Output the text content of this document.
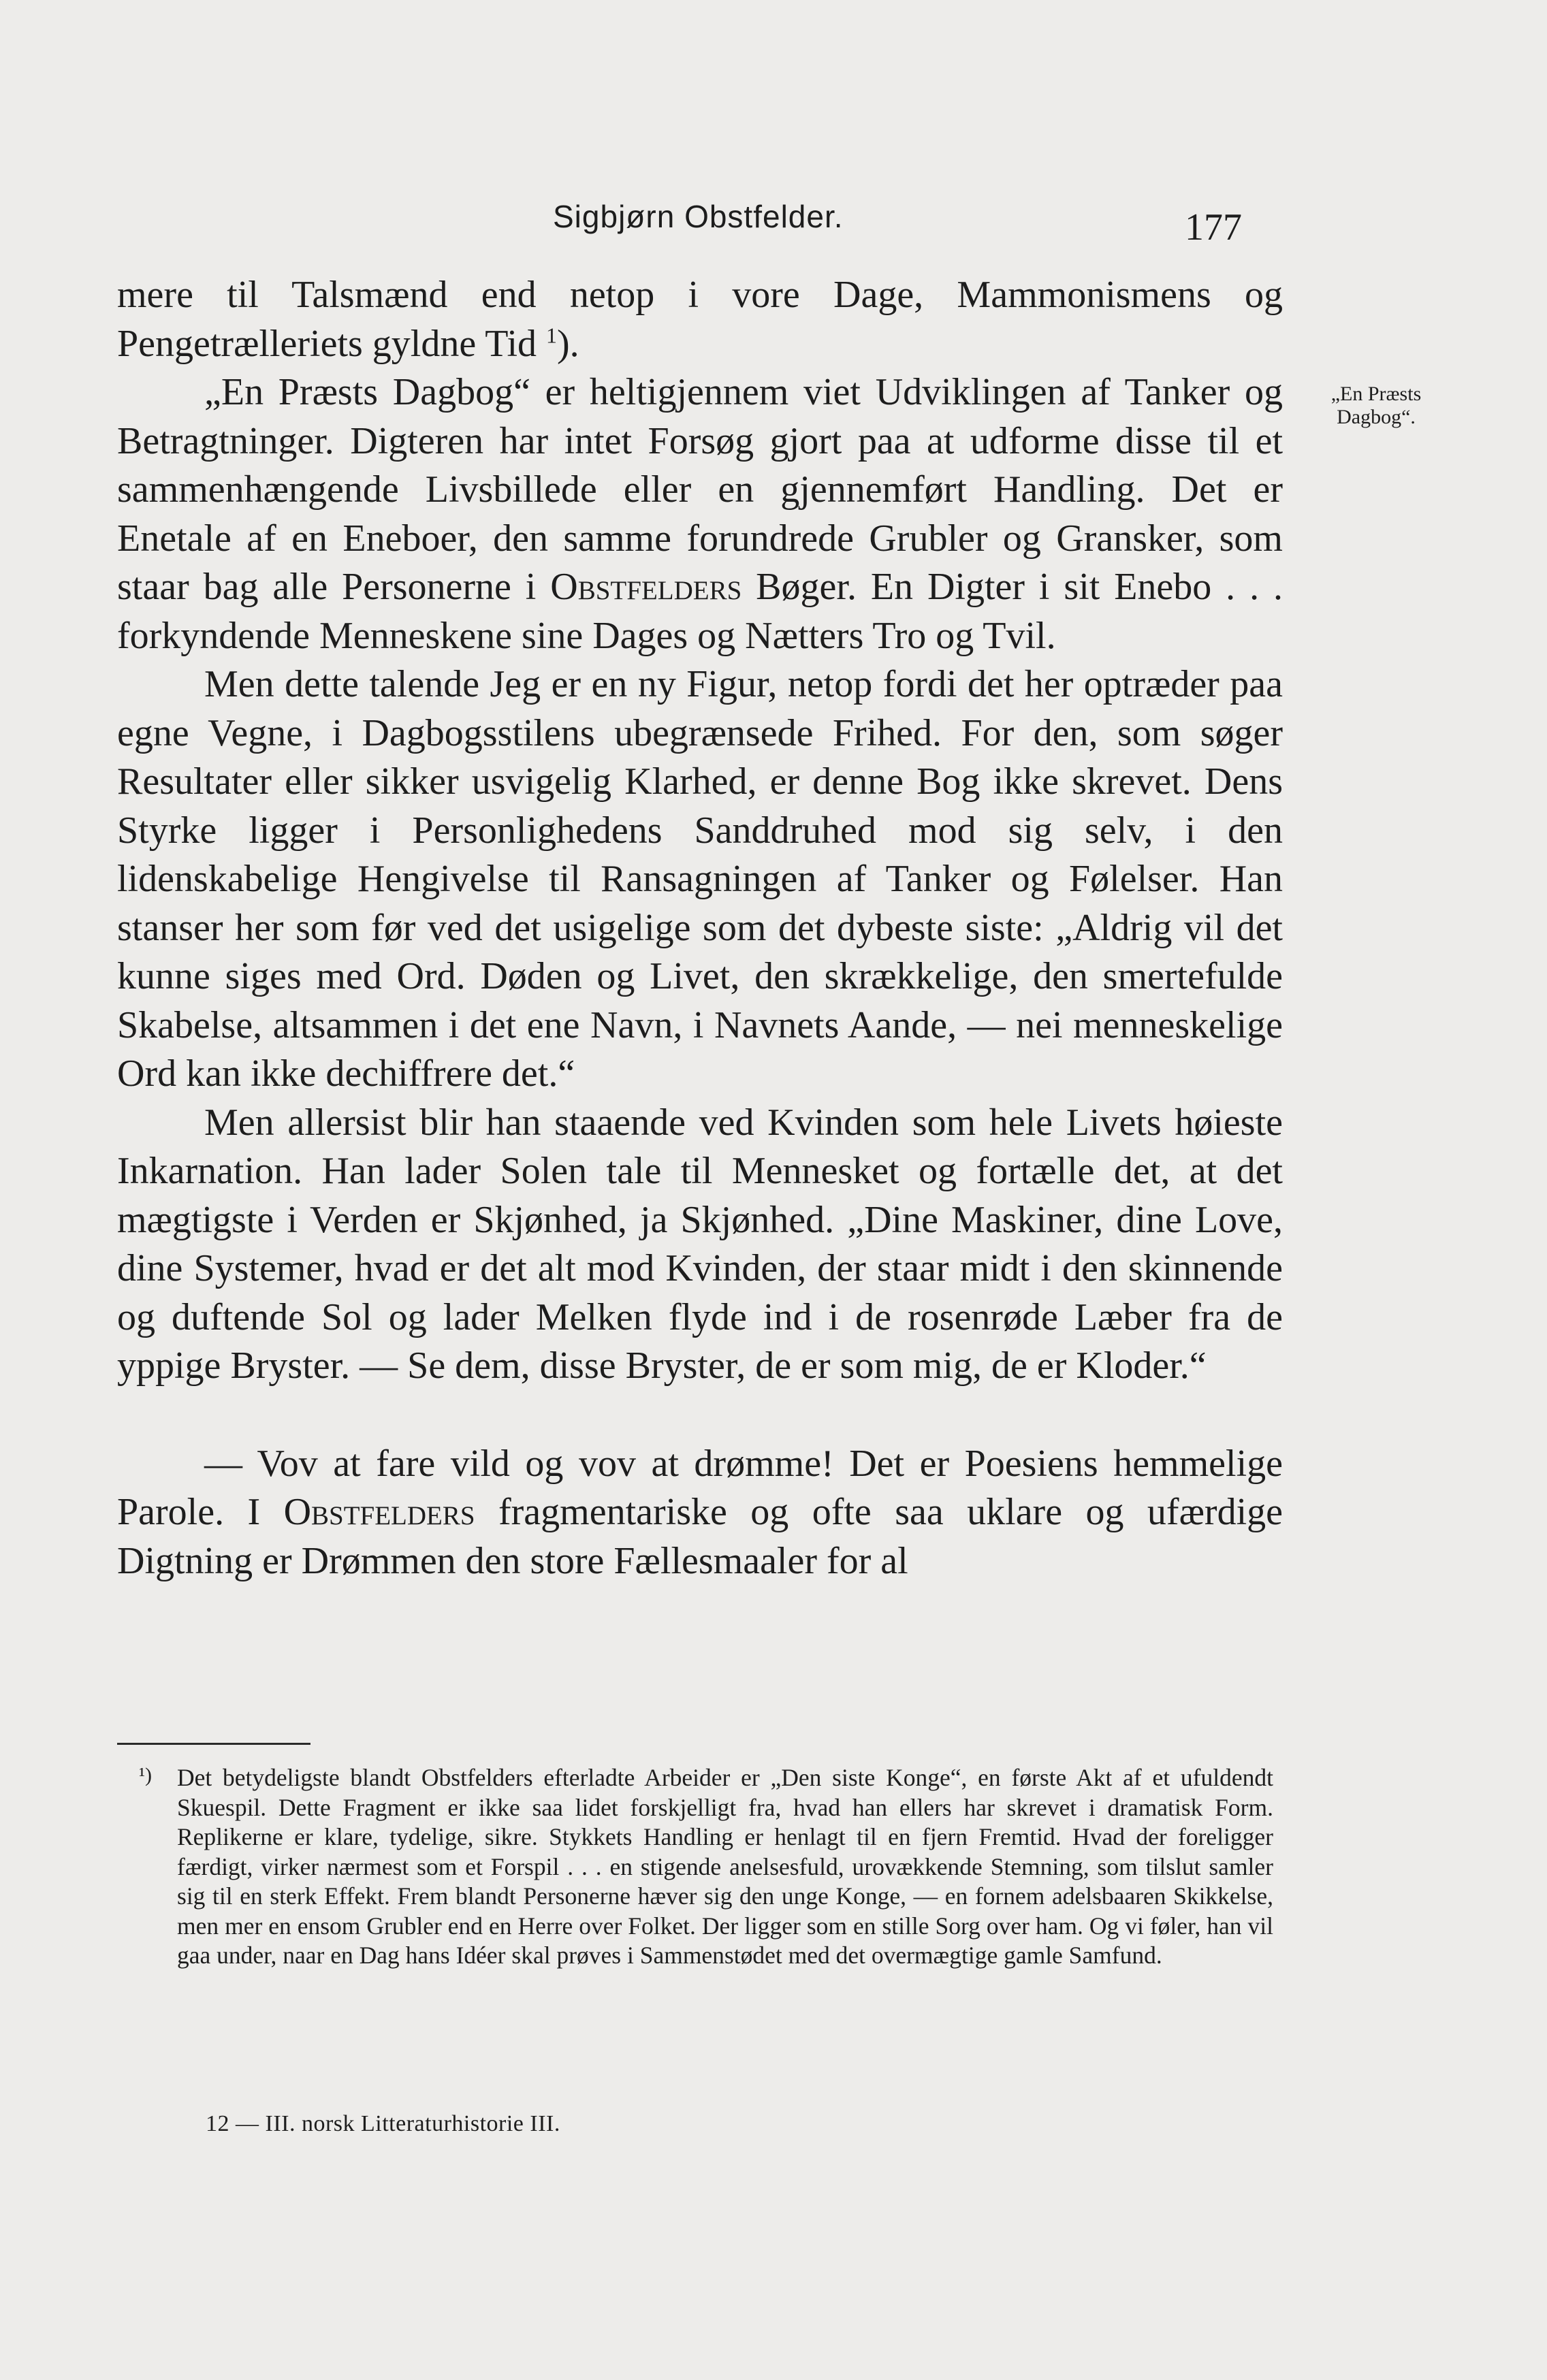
Sigbjørn Obstfelder.	177
„En Præsts Dagbog“.

mere til Talsmænd end netop i vore Dage, Mammonismens og Pengetrælleriets gyldne Tid $^1$).

„En Præsts Dagbog“ er heltigjennem viet Udviklingen af Tanker og Betragtninger. Digteren har intet Forsøg gjort paa at udforme disse til et sammenhængende Livsbillede eller en gjennemført Handling. Det er Enetale af en Eneboer, den samme forundrede Grubler og Gransker, som staar bag alle Personerne i Obstfelders Bøger. En Digter i sit Enebo . . . forkyndende Menneskene sine Dages og Nætters Tro og Tvil.

Men dette talende Jeg er en ny Figur, netop fordi det her optræder paa egne Vegne, i Dagbogsstilens ubegrænsede Frihed. For den, som søger Resultater eller sikker usvigelig Klarhed, er denne Bog ikke skrevet. Dens Styrke ligger i Personlighedens Sanddruhed mod sig selv, i den lidenskabelige Hengivelse til Ransagningen af Tanker og Følelser. Han stanser her som før ved det usigelige som det dybeste siste: „Aldrig vil det kunne siges med Ord. Døden og Livet, den skrækkelige, den smertefulde Skabelse, altsammen i det ene Navn, i Navnets Aande, — nei menneskelige Ord kan ikke dechiffrere det.“

Men allersist blir han staaende ved Kvinden som hele Livets høieste Inkarnation. Han lader Solen tale til Mennesket og fortælle det, at det mægtigste i Verden er Skjønhed, ja Skjønhed. „Dine Maskiner, dine Love, dine Systemer, hvad er det alt mod Kvinden, der staar midt i den skinnende og duftende Sol og lader Melken flyde ind i de rosenrøde Læber fra de yppige Bryster. — Se dem, disse Bryster, de er som mig, de er Kloder.“

— Vov at fare vild og vov at drømme! Det er Poesiens hemmelige Parole. I Obstfelders fragmentariske og ofte saa uklare og ufærdige Digtning er Drømmen den store Fællesmaaler for al

¹) Det betydeligste blandt Obstfelders efterladte Arbeider er „Den siste Konge“, en første Akt af et ufuldendt Skuespil. Dette Fragment er ikke saa lidet forskjelligt fra, hvad han ellers har skrevet i dramatisk Form. Replikerne er klare, tydelige, sikre. Stykkets Handling er henlagt til en fjern Fremtid. Hvad der foreligger færdigt, virker nærmest som et Forspil . . . en stigende anelsesfuld, urovækkende Stemning, som tilslut samler sig til en sterk Effekt. Frem blandt Personerne hæver sig den unge Konge, — en fornem adelsbaaren Skikkelse, men mer en ensom Grubler end en Herre over Folket. Der ligger som en stille Sorg over ham. Og vi føler, han vil gaa under, naar en Dag hans Idéer skal prøves i Sammenstødet med det overmægtige gamle Samfund.

12 — III. norsk Litteraturhistorie III.
